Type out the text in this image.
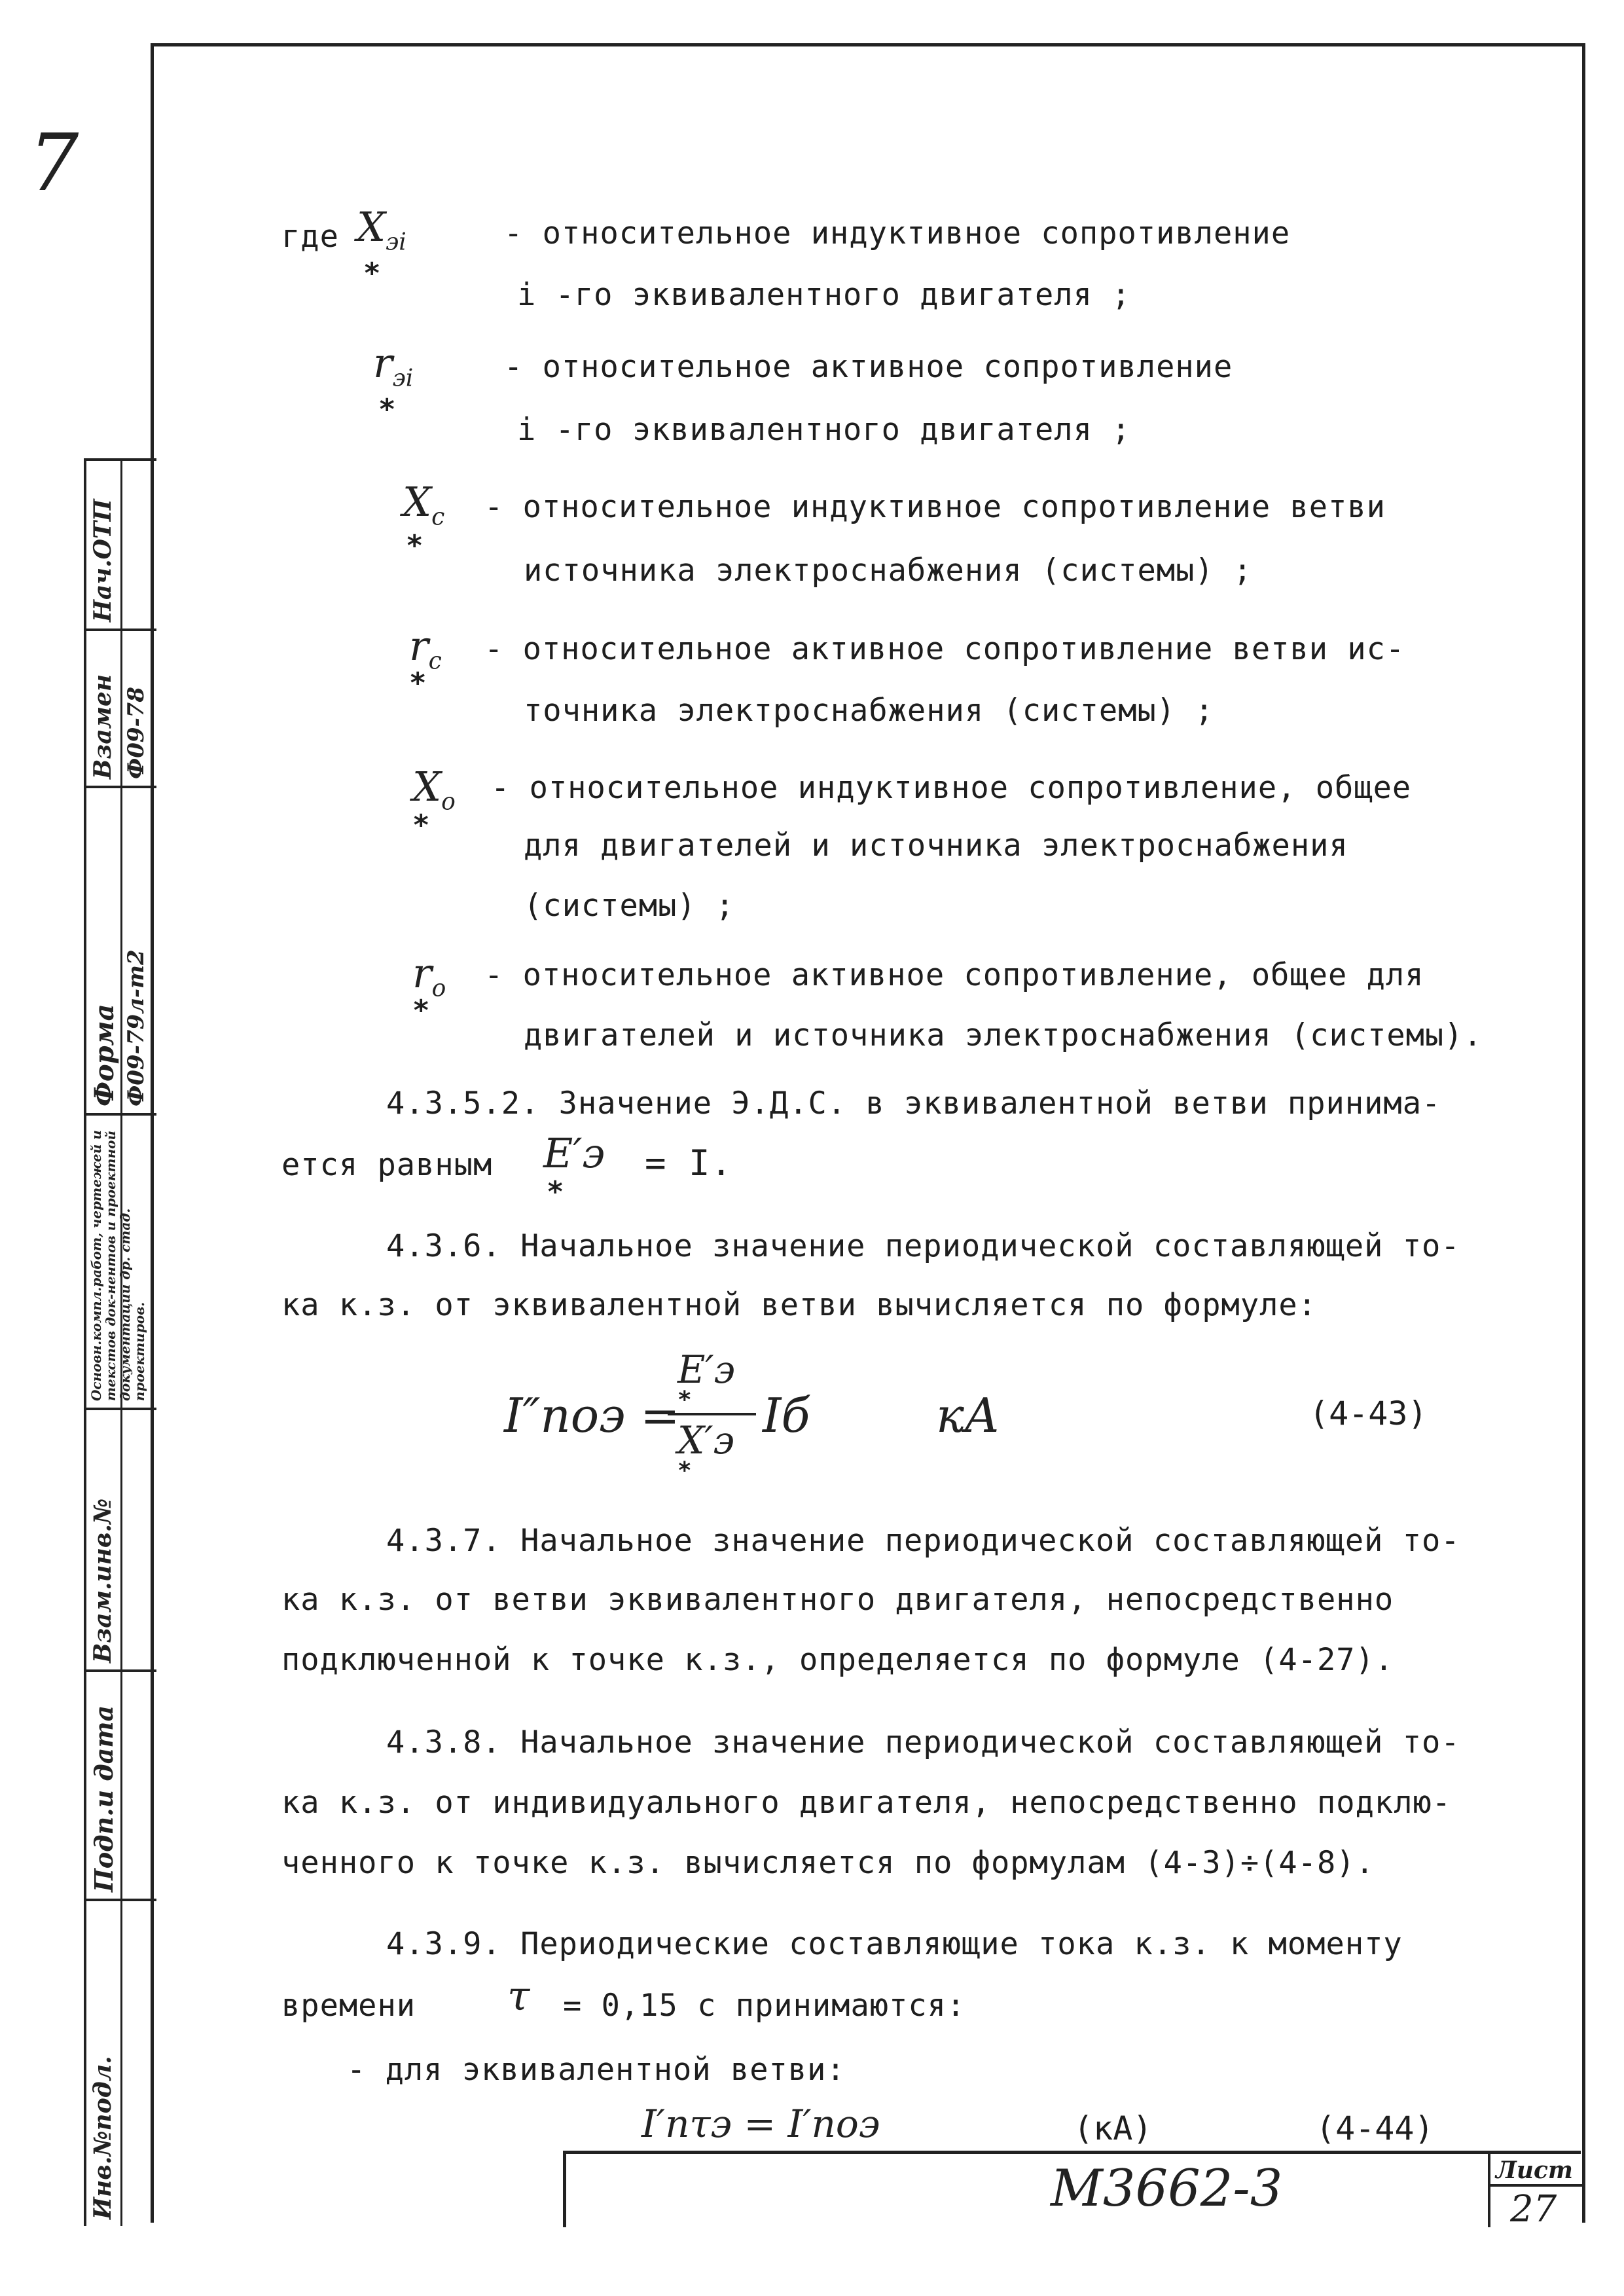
7
Нач.ОТП
Взамен Ф09-78
Форма Ф09-79л-т2
Основн.компл.работ, чертежей и текстов док-нентов и проектной документации др. стад. проектиров.
Взам.инв.№
Подп.и дата
Инв.№подл.
где $X_{эi}$
*
- относительное индуктивное сопротивление
i -го эквивалентного двигателя ;
$r_{эi}$
*
- относительное активное сопротивление
i -го эквивалентного двигателя ;
$X_c$
*
- относительное индуктивное сопротивление ветви
источника электроснабжения (системы) ;
$r_c$
*
- относительное активное сопротивление ветви ис-
точника электроснабжения (системы) ;
$X_o$
*
- относительное индуктивное сопротивление, общее
для двигателей и источника электроснабжения
(системы) ;
$r_o$
*
- относительное активное сопротивление, общее для
двигателей и источника электроснабжения (системы).
4.3.5.2. Значение Э.Д.С. в эквивалентной ветви принима-
ется равным E′э
*
= I.
4.3.6. Начальное значение периодической составляющей то-
ка к.з. от эквивалентной ветви вычисляется по формуле:
I″поэ =
E′э
*
X′э
*
Iб	кА	(4-43)
4.3.7. Начальное значение периодической составляющей то-
ка к.з. от ветви эквивалентного двигателя, непосредственно
подключенной к точке к.з., определяется по формуле (4-27).
4.3.8. Начальное значение периодической составляющей то-
ка к.з. от индивидуального двигателя, непосредственно подклю-
ченного к точке к.з. вычисляется по формулам (4-3)÷(4-8).
4.3.9. Периодические составляющие тока к.з. к моменту
времени τ = 0,15 с принимаются:
- для эквивалентной ветви:
I′пτэ = I′поэ	(кА)	(4-44)
М3662-3	Лист
27
